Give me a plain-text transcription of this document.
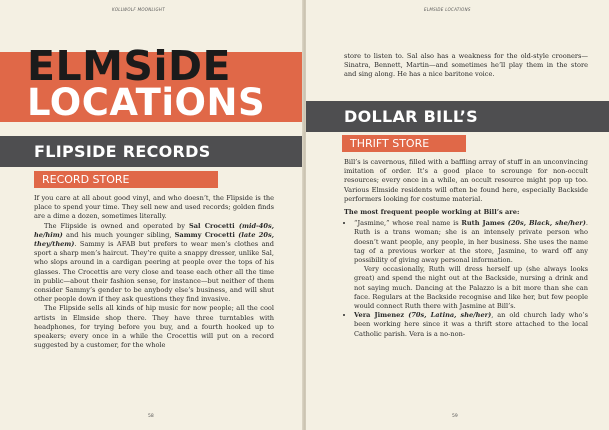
KOLLWOLF MOONLIGHT
ELMSiDE
LOCATiONS
FLIPSIDE RECORDS
RECORD STORE

If you care at all about good vinyl, and who doesn’t, the Flipside is the place to spend your time. They sell new and used records; golden finds are a dime a dozen, sometimes literally.

The Flipside is owned and operated by Sal Crocetti (mid-40s, he/him) and his much younger sibling, Sammy Crocetti (late 20s, they/them). Sammy is AFAB but prefers to wear men’s clothes and sport a sharp men’s haircut. They’re quite a snappy dresser, unlike Sal, who slops around in a cardigan peering at people over the tops of his glasses. The Crocettis are very close and tease each other all the time in public—about their fashion sense, for instance—but neither of them consider Sammy’s gender to be anybody else’s business, and will shut other people down if they ask questions they find invasive.

The Flipside sells all kinds of hip music for now people; all the cool artists in Elmside shop there. They have three turntables with headphones, for trying before you buy, and a fourth hooked up to speakers; every once in a while the Crocettis will put on a record suggested by a customer, for the whole

58
ELMSIDE LOCATIONS

store to listen to. Sal also has a weakness for the old-style crooners—Sinatra, Bennett, Martin—and sometimes he’ll play them in the store and sing along. He has a nice baritone voice.

DOLLAR BILL’S
THRIFT STORE

Bill’s is cavernous, filled with a baffling array of stuff in an unconvincing imitation of order. It’s a good place to scrounge for non-occult resources; every once in a while, an occult resource might pop up too. Various Elmside residents will often be found here, especially Backside performers looking for costume material.

The most frequent people working at Bill’s are:

• “Jasmine,” whose real name is Ruth James (20s, Black, she/her). Ruth is a trans woman; she is an intensely private person who doesn’t want people, any people, in her business. She uses the name tag of a previous worker at the store, Jasmine, to ward off any possibility of giving away personal information.

Very occasionally, Ruth will dress herself up (she always looks great) and spend the night out at the Backside, nursing a drink and not saying much. Dancing at the Palazzo is a bit more than she can face. Regulars at the Backside recognise and like her, but few people would connect Ruth there with Jasmine at Bill’s.

• Vera Jimenez (70s, Latina, she/her), an old church lady who’s been working here since it was a thrift store attached to the local Catholic parish. Vera is a no-non-

59
